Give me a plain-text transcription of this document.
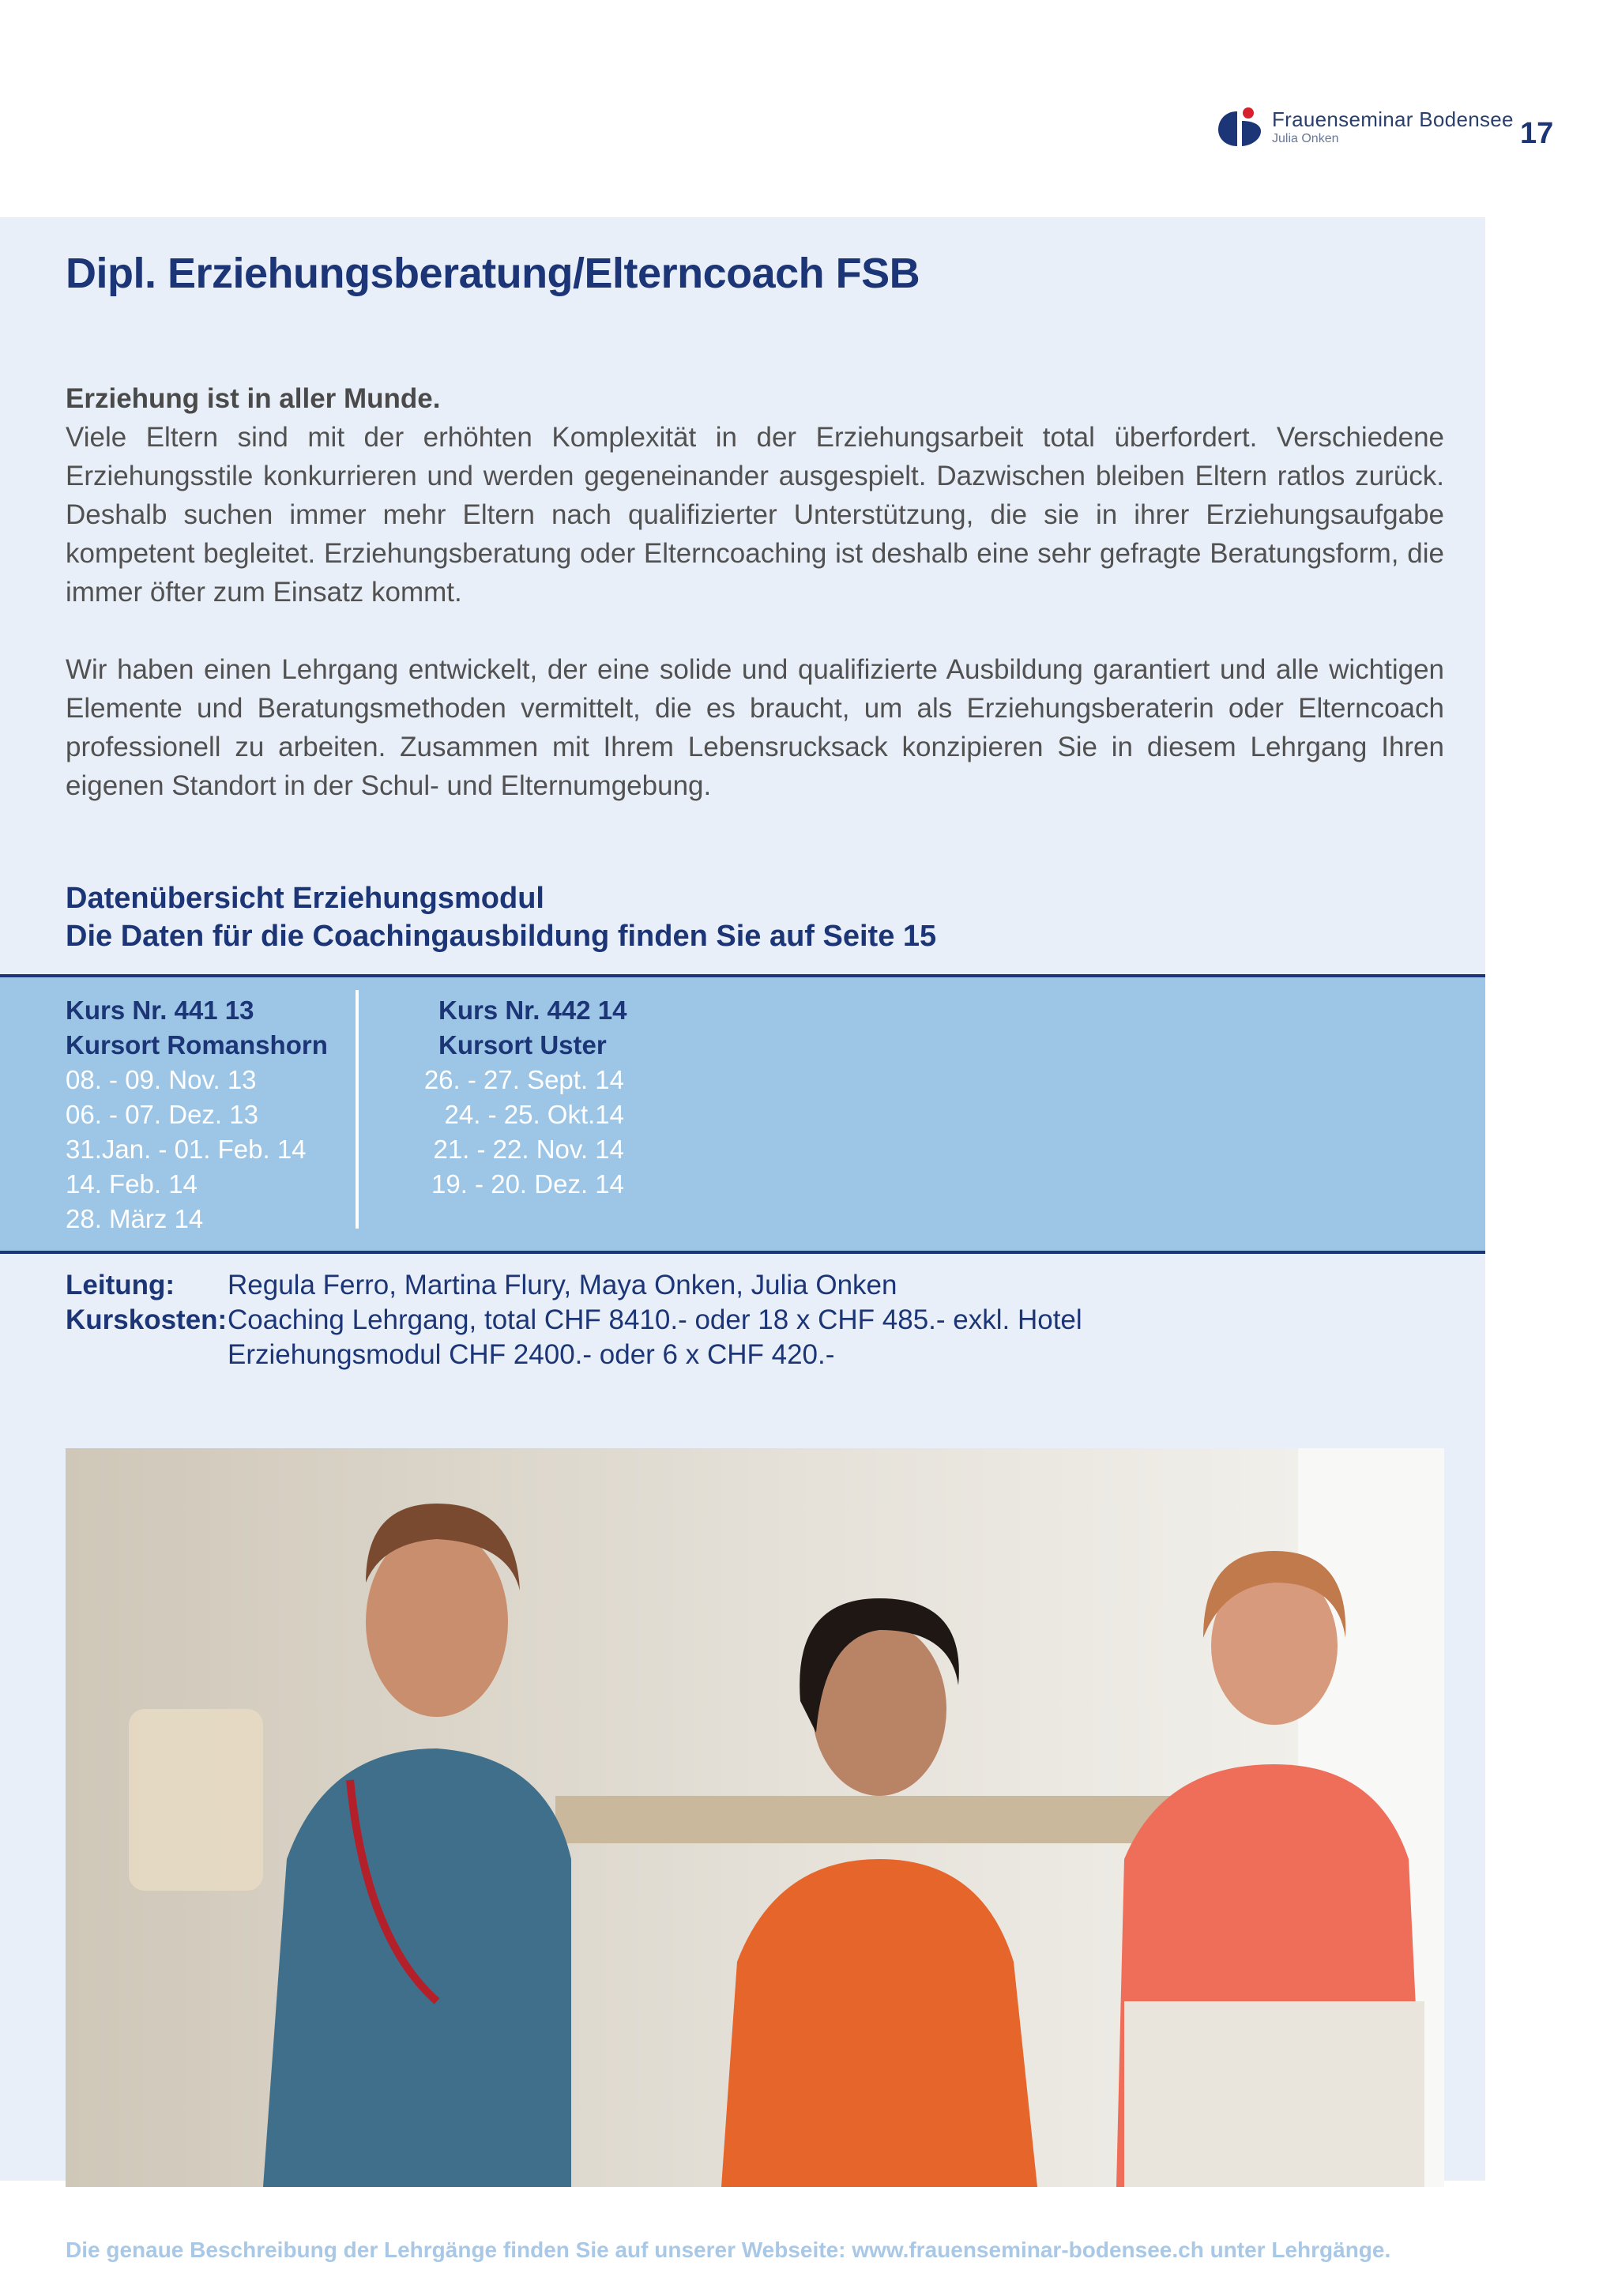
Frauenseminar Bodensee
Julia Onken	17
Dipl. Erziehungsberatung/Elterncoach FSB

Erziehung ist in aller Munde.

Viele Eltern sind mit der erhöhten Komplexität in der Erziehungsarbeit total überfordert. Verschiedene Erziehungsstile konkurrieren und werden gegeneinander ausgespielt. Dazwischen bleiben Eltern ratlos zurück. Deshalb suchen immer mehr Eltern nach qualifizierter Unterstützung, die sie in ihrer Erziehungsaufgabe kompetent begleitet. Erziehungsberatung oder Elterncoaching ist deshalb eine sehr gefragte Beratungsform, die immer öfter zum Einsatz kommt.

Wir haben einen Lehrgang entwickelt, der eine solide und qualifizierte Ausbildung garantiert und alle wichtigen Elemente und Beratungsmethoden vermittelt, die es braucht, um als Erziehungsberaterin oder Elterncoach professionell zu arbeiten. Zusammen mit Ihrem Lebensrucksack konzipieren Sie in diesem Lehrgang Ihren eigenen Standort in der Schul- und Elternumgebung.

Datenübersicht Erziehungsmodul
Die Daten für die Coachingausbildung finden Sie auf Seite 15
Kurs Nr. 441 13
Kursort Romanshorn
08. - 09. Nov. 13
06. - 07. Dez. 13
31.Jan. - 01. Feb. 14
14. Feb. 14
28. März 14
Kurs Nr. 442 14
Kursort Uster
26. - 27. Sept. 14
24. - 25. Okt.14
21. - 22. Nov. 14
19. - 20. Dez. 14
Leitung:	Regula Ferro, Martina Flury, Maya Onken, Julia Onken
Kurskosten: Coaching Lehrgang, total CHF 8410.- oder 18 x CHF 485.- exkl. Hotel
Erziehungsmodul CHF 2400.- oder 6 x CHF 420.-
Die genaue Beschreibung der Lehrgänge finden Sie auf unserer Webseite: www.frauenseminar-bodensee.ch unter Lehrgänge.
